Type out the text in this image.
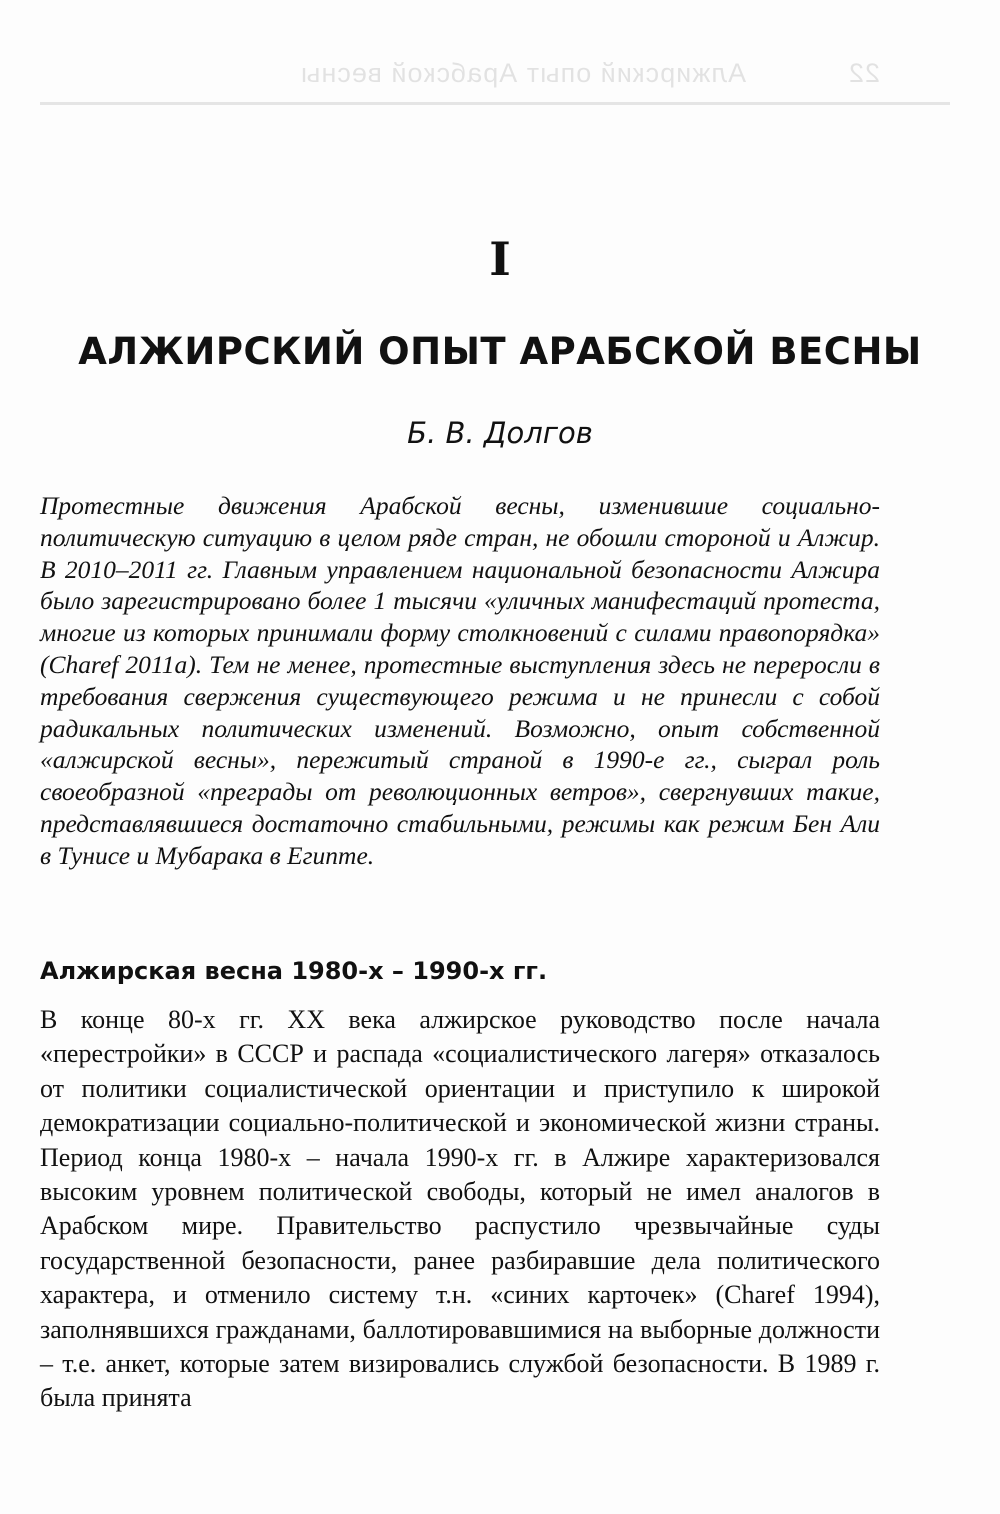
22
Алжирский опыт Арабской весны
I
АЛЖИРСКИЙ ОПЫТ АРАБСКОЙ ВЕСНЫ
Б. В. Долгов
Протестные движения Арабской весны, изменившие социально-политическую ситуацию в целом ряде стран, не обошли стороной и Алжир. В 2010–2011 гг. Главным управлением национальной безопасности Алжира было зарегистрировано более 1 тысячи «уличных манифестаций протеста, многие из которых принимали форму столкновений с силами правопорядка» (Charef 2011a). Тем не менее, протестные выступления здесь не переросли в требования свержения существующего режима и не принесли с собой радикальных политических изменений. Возможно, опыт собственной «алжирской весны», пережитый страной в 1990-е гг., сыграл роль своеобразной «преграды от революционных ветров», свергнувших такие, представлявшиеся достаточно стабильными, режимы как режим Бен Али в Тунисе и Мубарака в Египте.
Алжирская весна 1980-х – 1990-х гг.
В конце 80-х гг. XX века алжирское руководство после начала «перестройки» в СССР и распада «социалистического лагеря» отказалось от политики социалистической ориентации и приступило к широкой демократизации социально-политической и экономической жизни страны. Период конца 1980-х – начала 1990-х гг. в Алжире характеризовался высоким уровнем политической свободы, который не имел аналогов в Арабском мире. Правительство распустило чрезвычайные суды государственной безопасности, ранее разбиравшие дела политического характера, и отменило систему т.н. «синих карточек» (Charef 1994), заполнявшихся гражданами, баллотировавшимися на выборные должности – т.е. анкет, которые затем визировались службой безопасности. В 1989 г. была принята
